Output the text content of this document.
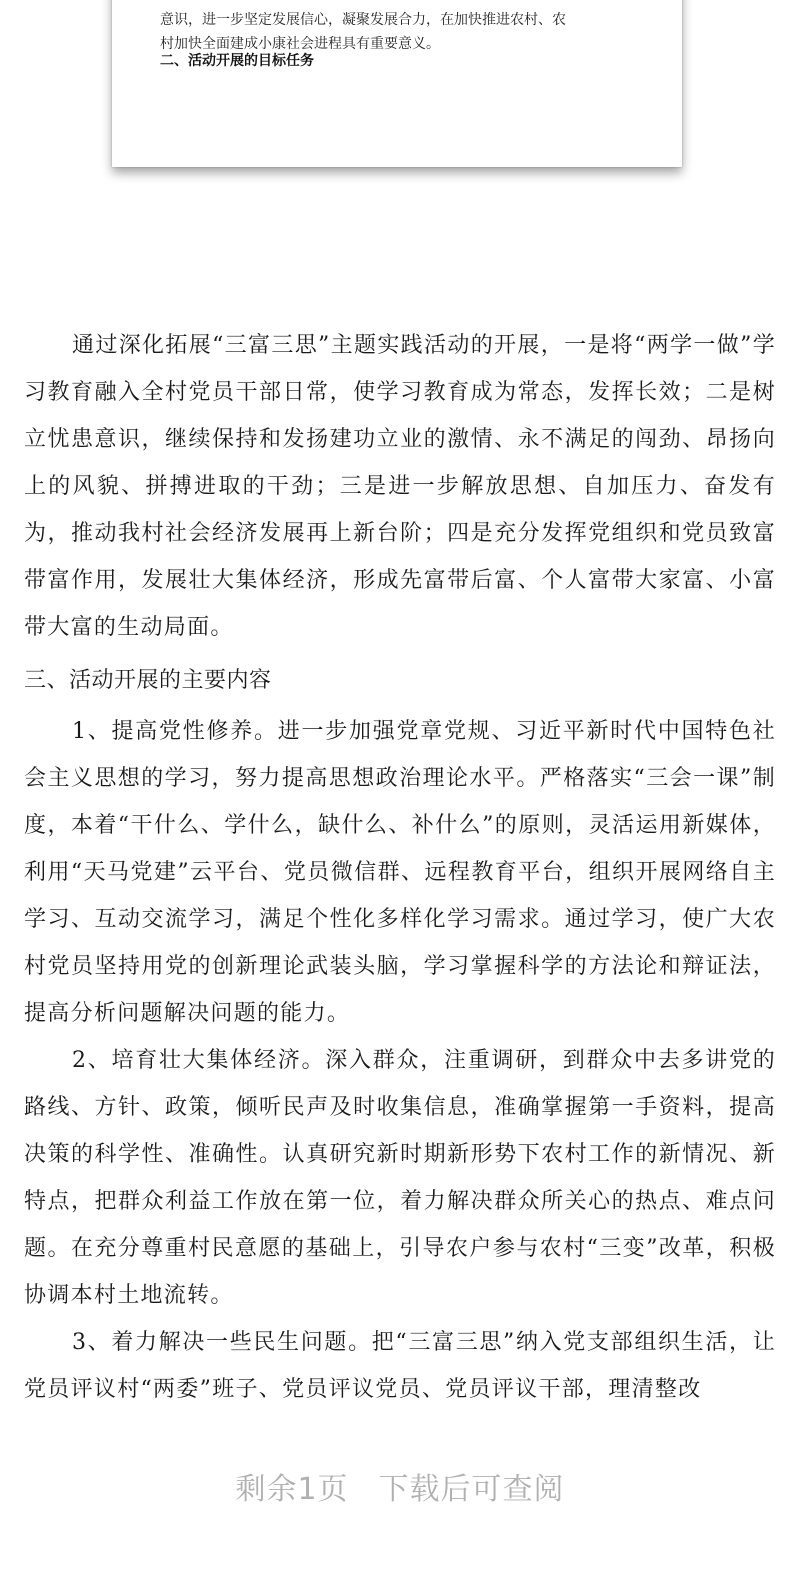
意识，进一步坚定发展信心，凝聚发展合力，在加快推进农村、农
村加快全面建成小康社会进程具有重要意义。
二、活动开展的目标任务

通过深化拓展“三富三思”主题实践活动的开展，一是将“两学一做”学习教育融入全村党员干部日常，使学习教育成为常态，发挥长效；二是树立忧患意识，继续保持和发扬建功立业的激情、永不满足的闯劲、昂扬向上的风貌、拼搏进取的干劲；三是进一步解放思想、自加压力、奋发有为，推动我村社会经济发展再上新台阶；四是充分发挥党组织和党员致富带富作用，发展壮大集体经济，形成先富带后富、个人富带大家富、小富带大富的生动局面。

三、活动开展的主要内容

1、提高党性修养。进一步加强党章党规、习近平新时代中国特色社会主义思想的学习，努力提高思想政治理论水平。严格落实“三会一课”制度，本着“干什么、学什么，缺什么、补什么”的原则，灵活运用新媒体，利用“天马党建”云平台、党员微信群、远程教育平台，组织开展网络自主学习、互动交流学习，满足个性化多样化学习需求。通过学习，使广大农村党员坚持用党的创新理论武装头脑，学习掌握科学的方法论和辩证法，提高分析问题解决问题的能力。

2、培育壮大集体经济。深入群众，注重调研，到群众中去多讲党的路线、方针、政策，倾听民声及时收集信息，准确掌握第一手资料，提高决策的科学性、准确性。认真研究新时期新形势下农村工作的新情况、新特点，把群众利益工作放在第一位，着力解决群众所关心的热点、难点问题。在充分尊重村民意愿的基础上，引导农户参与农村“三变”改革，积极协调本村土地流转。

3、着力解决一些民生问题。把“三富三思”纳入党支部组织生活，让党员评议村“两委”班子、党员评议党员、党员评议干部，理清整改

剩余1页 下载后可查阅
